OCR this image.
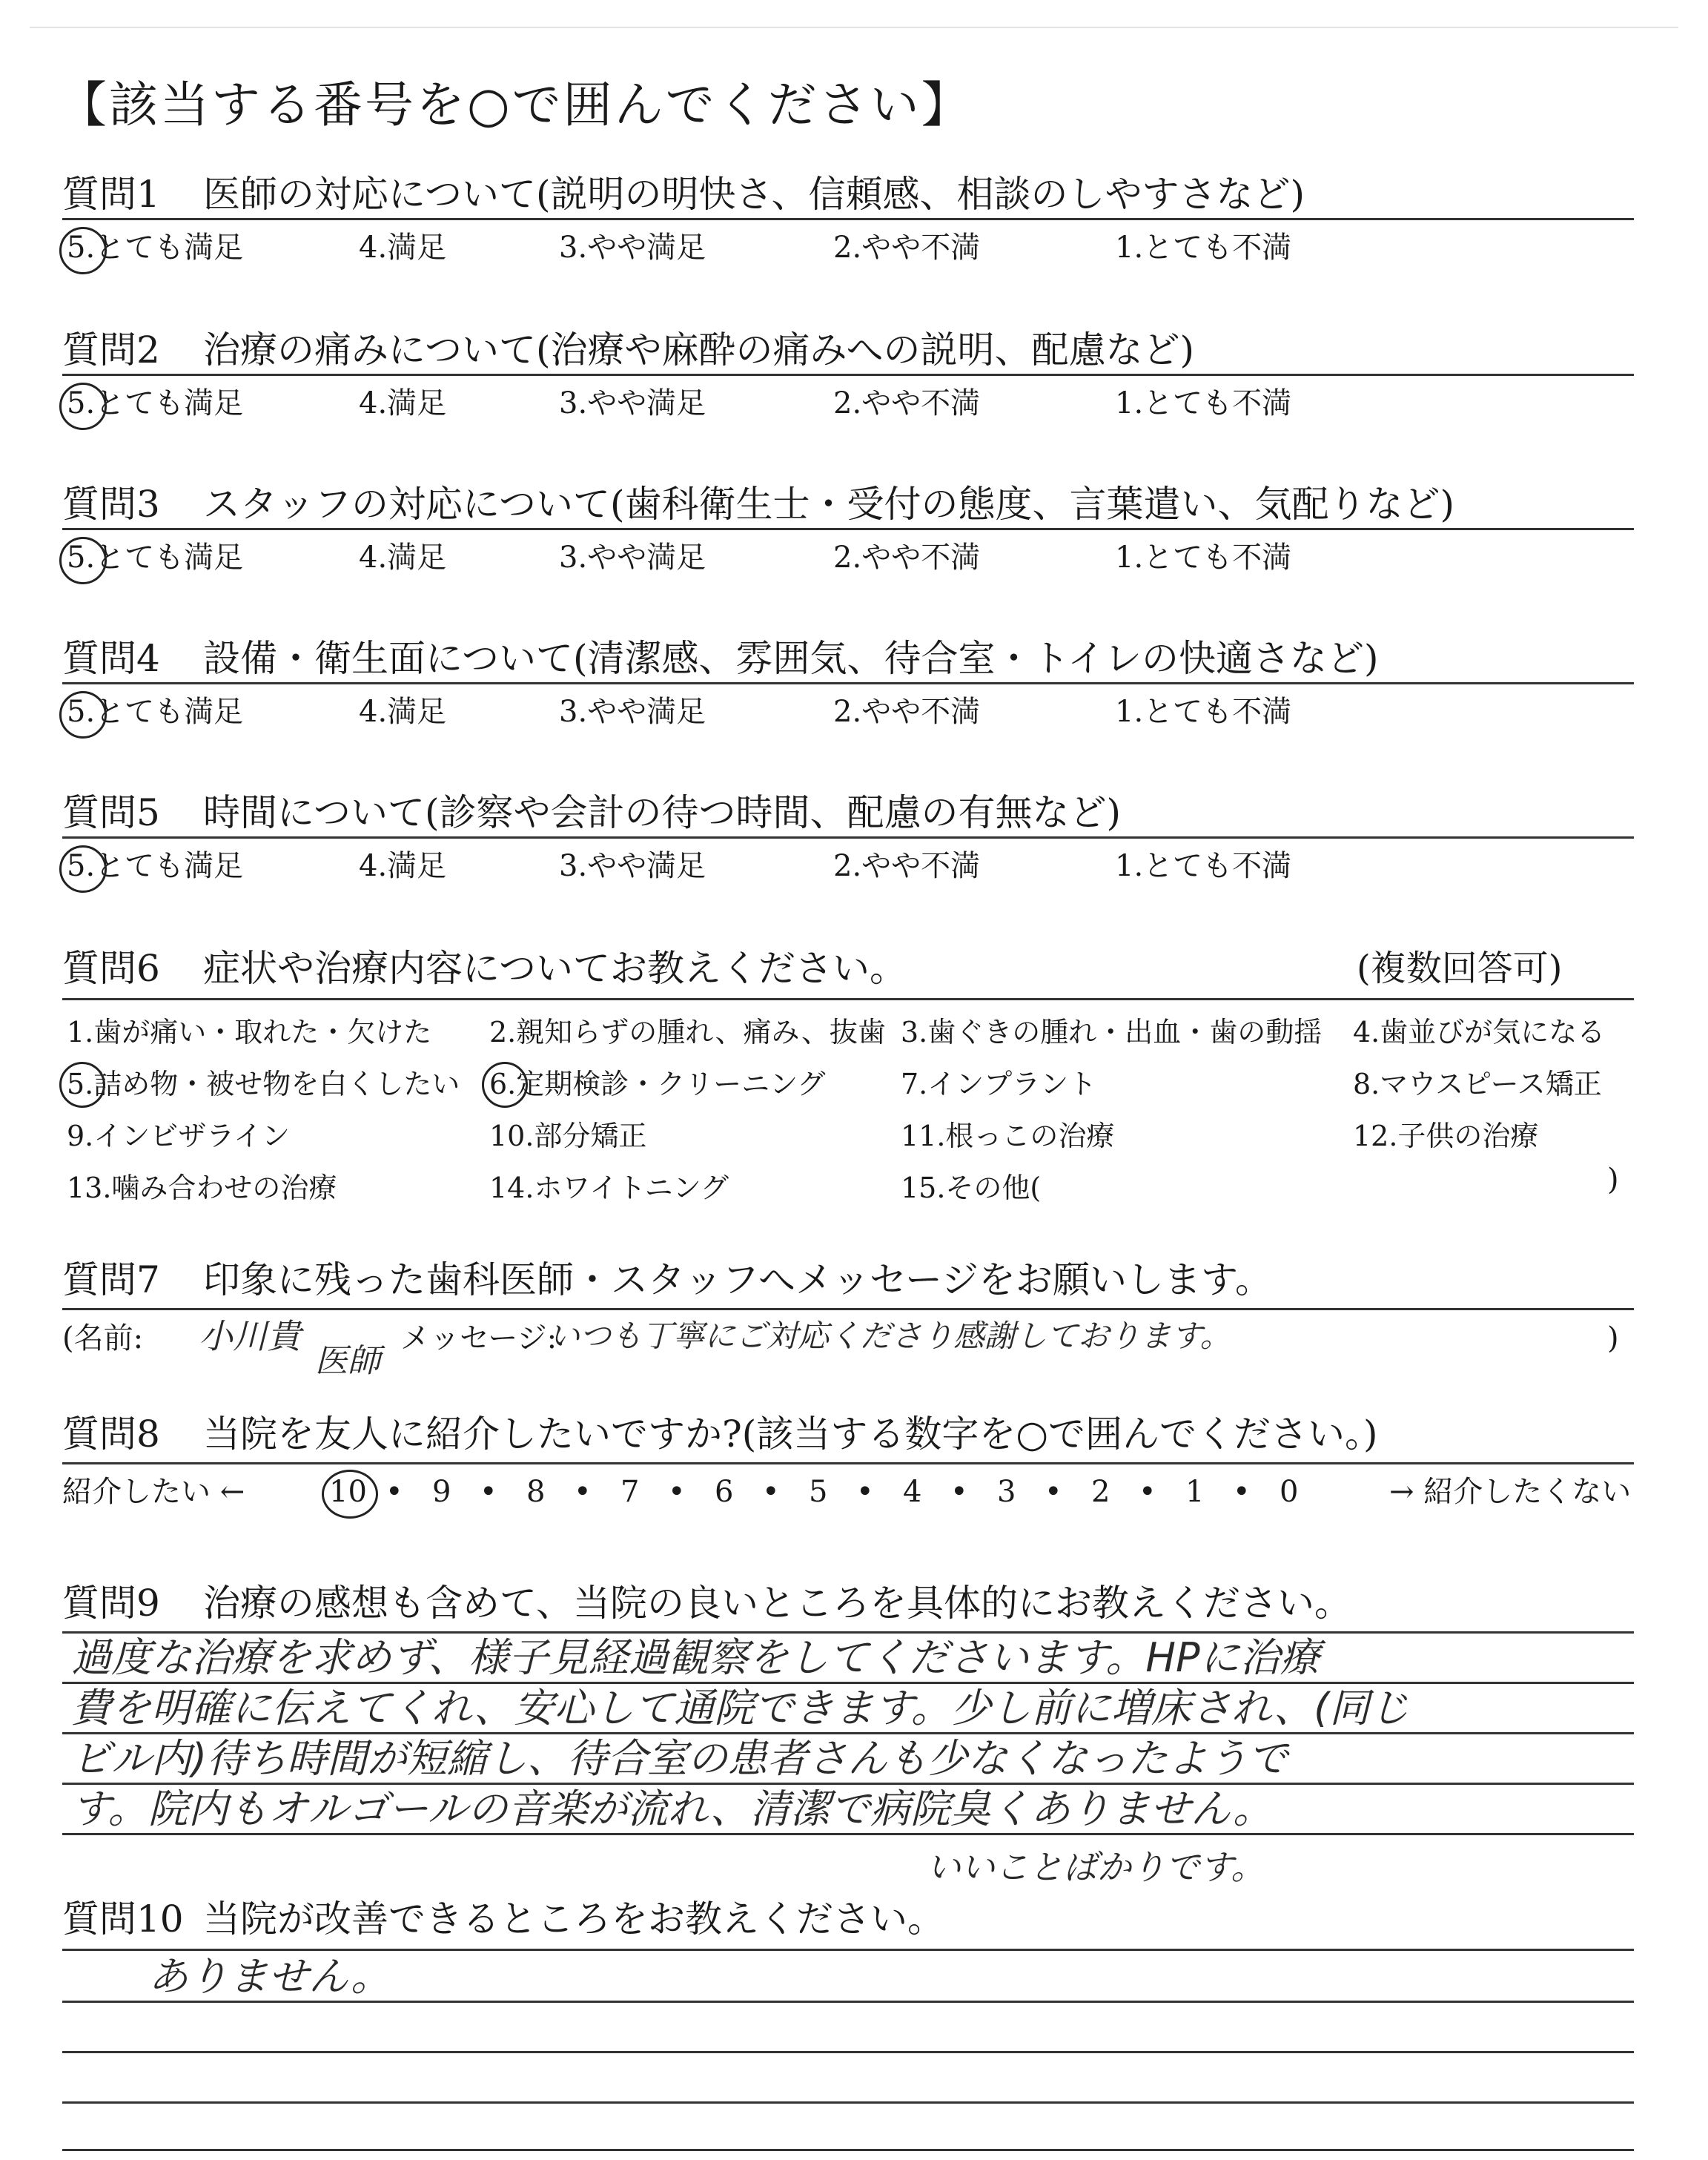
【該当する番号を○で囲んでください】
質問1 医師の対応について(説明の明快さ、信頼感、相談のしやすさなど)
5.とても満足	4.満足	3.やや満足	2.やや不満	1.とても不満
質問2 治療の痛みについて(治療や麻酔の痛みへの説明、配慮など)
5.とても満足	4.満足	3.やや満足	2.やや不満	1.とても不満
質問3 スタッフの対応について(歯科衛生士・受付の態度、言葉遣い、気配りなど)
5.とても満足	4.満足	3.やや満足	2.やや不満	1.とても不満
質問4 設備・衛生面について(清潔感、雰囲気、待合室・トイレの快適さなど)
5.とても満足	4.満足	3.やや満足	2.やや不満	1.とても不満
質問5 時間について(診察や会計の待つ時間、配慮の有無など)
5.とても満足	4.満足	3.やや満足	2.やや不満	1.とても不満
質問6 症状や治療内容についてお教えください。	(複数回答可)
1.歯が痛い・取れた・欠けた 2.親知らずの腫れ、痛み、抜歯 3.歯ぐきの腫れ・出血・歯の動揺 4.歯並びが気になる
5.詰め物・被せ物を白くしたい 6.定期検診・クリーニング	7.インプラント	8.マウスピース矯正
9.インビザライン	10.部分矯正	11.根っこの治療	12.子供の治療
13.噛み合わせの治療	14.ホワイトニング	15.その他(	)
質問7 印象に残った歯科医師・スタッフへメッセージをお願いします。
(名前: 小川貴
医師
メッセージ:
いつも丁寧にご対応くださり感謝しております。	)
質問8 当院を友人に紹介したいですか?(該当する数字を○で囲んでください。)
紹介したい ←	→ 紹介したくない
10 • 9 • 8 • 7 • 6 • 5 • 4 • 3 • 2 • 1 • 0
質問9 治療の感想も含めて、当院の良いところを具体的にお教えください。
過度な治療を求めず、様子見経過観察をしてくださいます。HPに治療
費を明確に伝えてくれ、安心して通院できます。少し前に増床され、(同じ
ビル内)待ち時間が短縮し、待合室の患者さんも少なくなったようで
す。院内もオルゴールの音楽が流れ、清潔で病院臭くありません。
いいことばかりです。
質問10 当院が改善できるところをお教えください。
ありません。
